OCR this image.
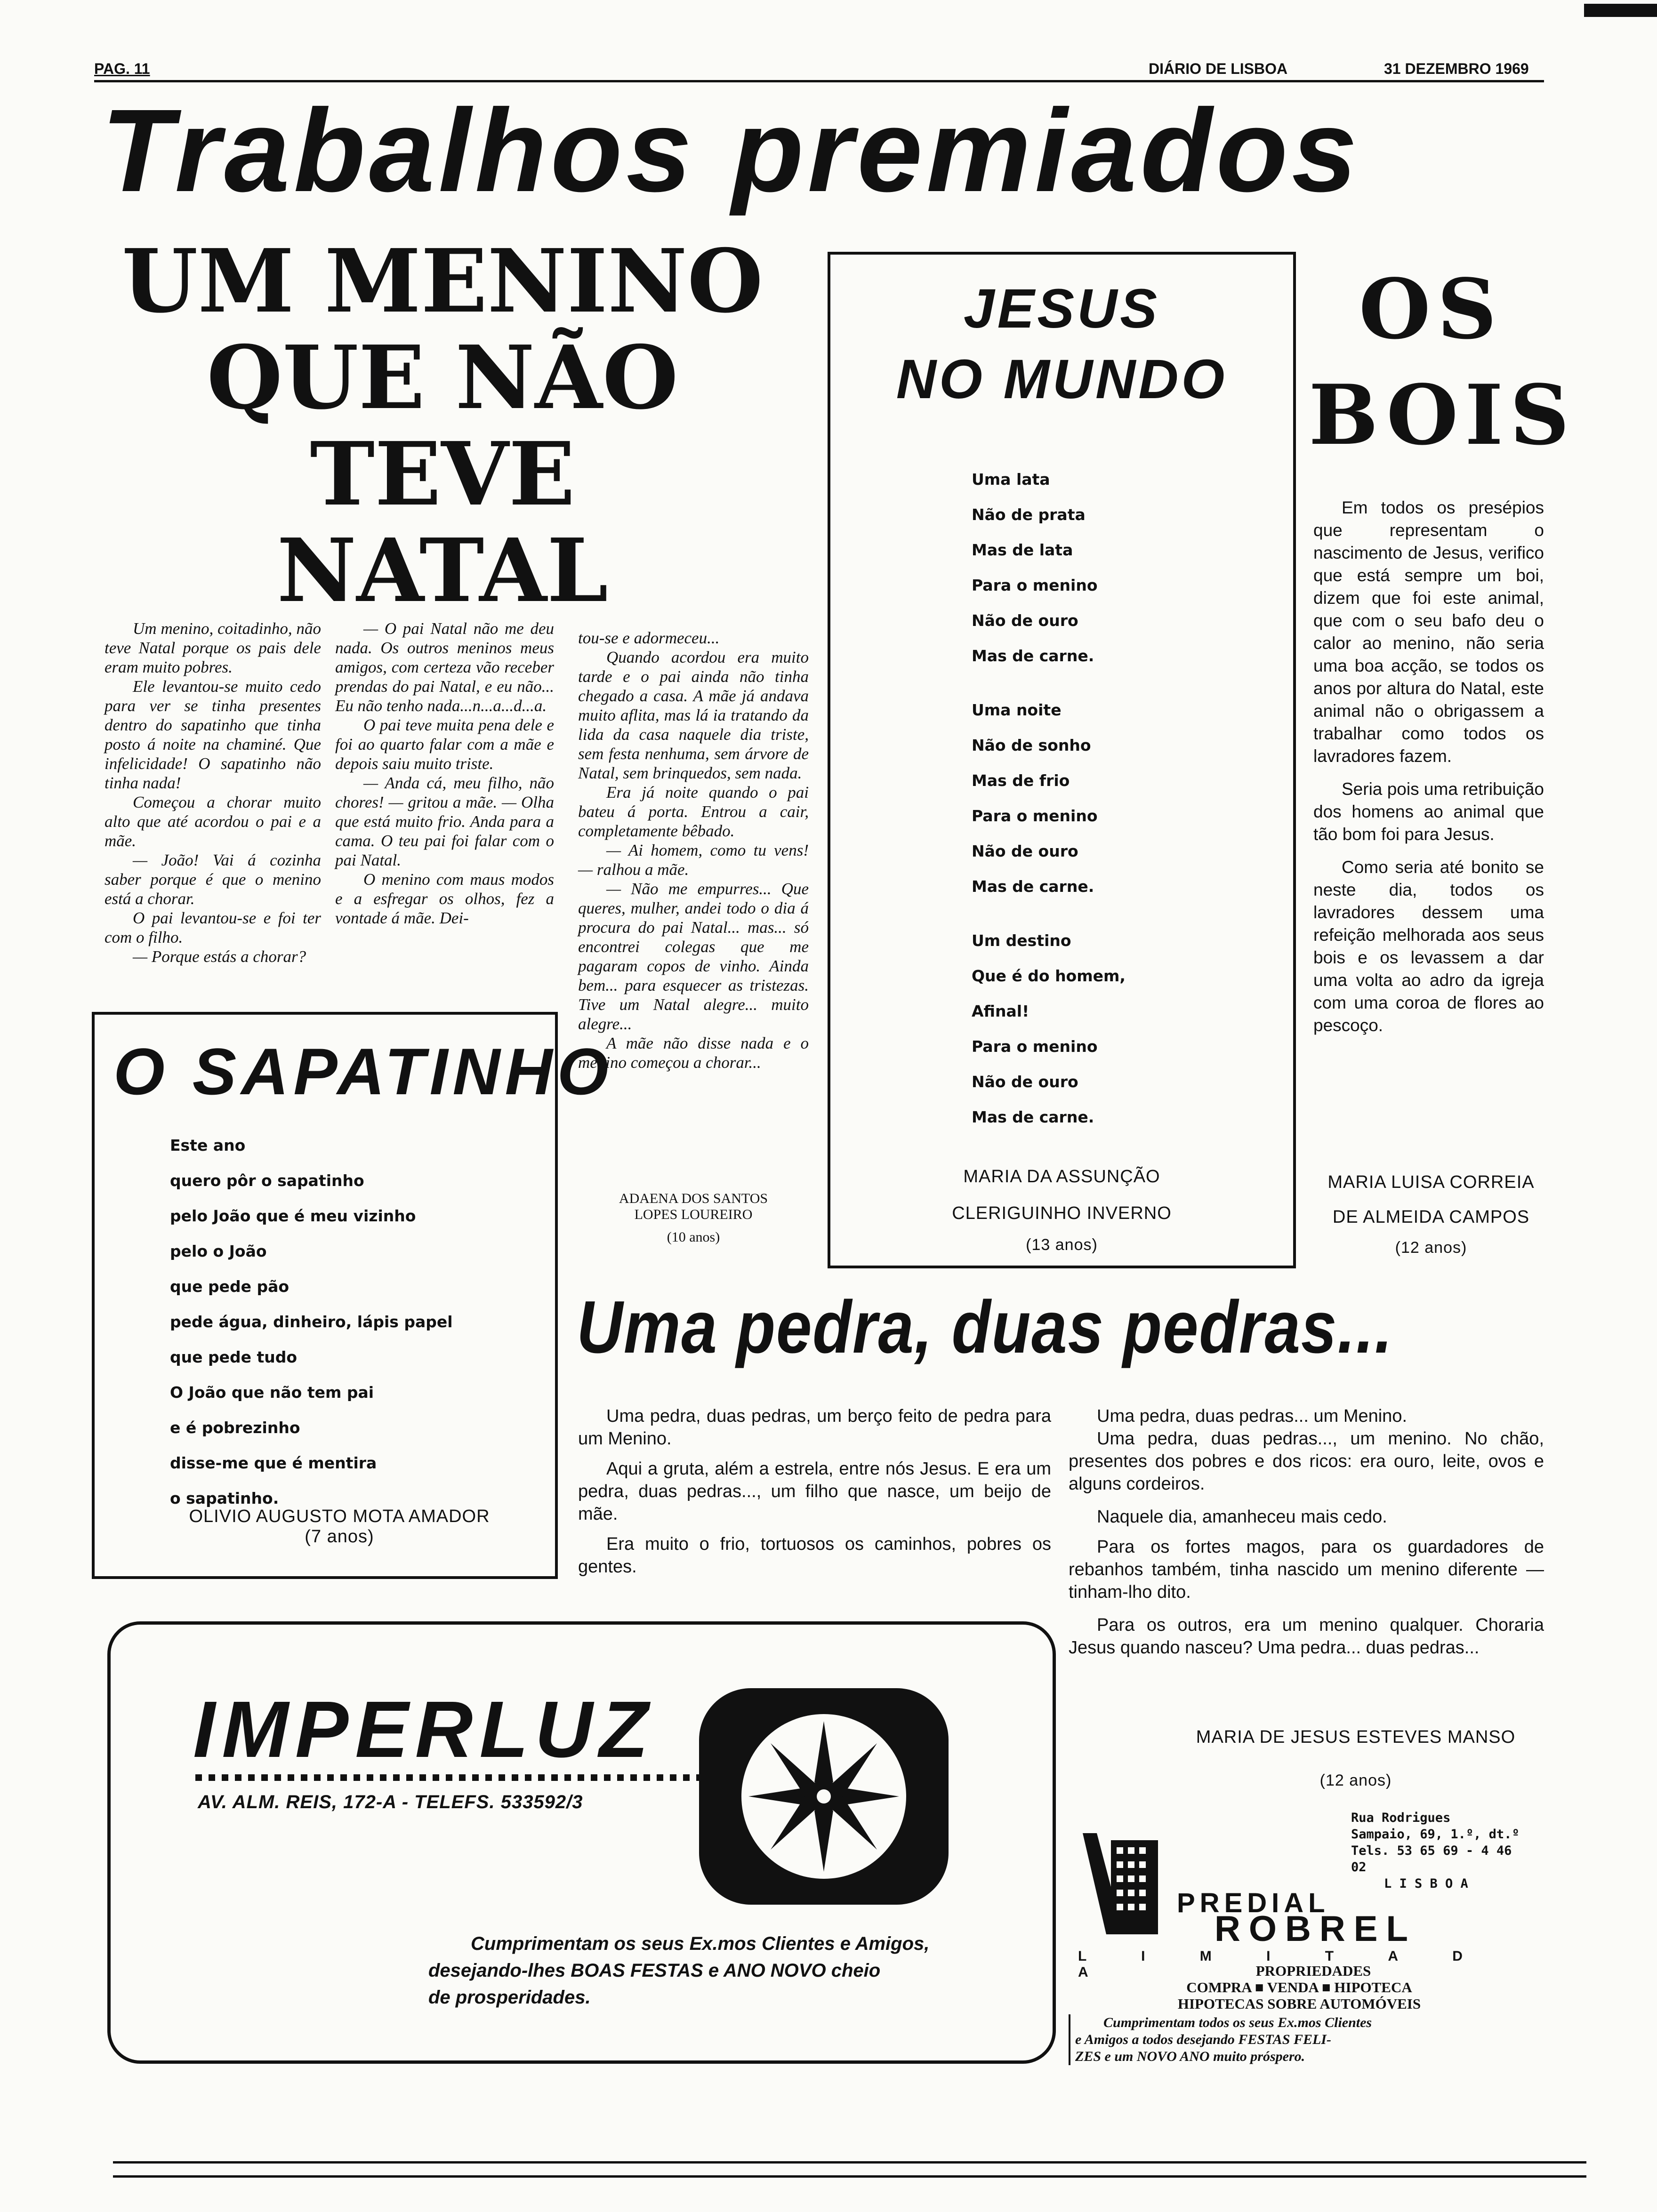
PAG. 11	DIÁRIO DE LISBOA	31 DEZEMBRO 1969
Trabalhos premiados
UM MENINO
QUE NÃO TEVE
NATAL

Um menino, coitadinho, não teve Natal porque os pais dele eram muito pobres.

Ele levantou-se muito cedo para ver se tinha presentes dentro do sapatinho que tinha posto á noite na chaminé. Que infelicidade! O sapatinho não tinha nada!

Começou a chorar muito alto que até acordou o pai e a mãe.

— João! Vai á cozinha saber porque é que o menino está a chorar.

O pai levantou-se e foi ter com o filho.

— Porque estás a chorar?

— O pai Natal não me deu nada. Os outros meninos meus amigos, com certeza vão receber prendas do pai Natal, e eu não... Eu não tenho nada...n...a...d...a.

O pai teve muita pena dele e foi ao quarto falar com a mãe e depois saiu muito triste.

— Anda cá, meu filho, não chores! — gritou a mãe. — Olha que está muito frio. Anda para a cama. O teu pai foi falar com o pai Natal.

O menino com maus modos e a esfregar os olhos, fez a vontade á mãe. Dei-

tou-se e adormeceu...

Quando acordou era muito tarde e o pai ainda não tinha chegado a casa. A mãe já andava muito aflita, mas lá ia tratando da lida da casa naquele dia triste, sem festa nenhuma, sem árvore de Natal, sem brinquedos, sem nada.

Era já noite quando o pai bateu á porta. Entrou a cair, completamente bêbado.

— Ai homem, como tu vens! — ralhou a mãe.

— Não me empurres... Que queres, mulher, andei todo o dia á procura do pai Natal... mas... só encontrei colegas que me pagaram copos de vinho. Ainda bem... para esquecer as tristezas. Tive um Natal alegre... muito alegre...

A mãe não disse nada e o menino começou a chorar...

ADAENA DOS SANTOS
LOPES LOUREIRO
(10 anos)
O SAPATINHO
Este ano
quero pôr o sapatinho
pelo João que é meu vizinho
pelo o João
que pede pão
pede água, dinheiro, lápis papel
que pede tudo
O João que não tem pai
e é pobrezinho
disse-me que é mentira
o sapatinho.
OLIVIO AUGUSTO MOTA AMADOR
(7 anos)
JESUS
NO MUNDO
Uma lata
Não de prata
Mas de lata
Para o menino
Não de ouro
Mas de carne.
Uma noite
Não de sonho
Mas de frio
Para o menino
Não de ouro
Mas de carne.
Um destino
Que é do homem,
Afinal!
Para o menino
Não de ouro
Mas de carne.
MARIA DA ASSUNÇÃO
CLERIGUINHO INVERNO
(13 anos)
OS
BOIS

Em todos os presépios que representam o nascimento de Jesus, verifico que está sempre um boi, dizem que foi este animal, que com o seu bafo deu o calor ao menino, não seria uma boa acção, se todos os anos por altura do Natal, este animal não o obrigassem a trabalhar como todos os lavradores fazem.

Seria pois uma retribuição dos homens ao animal que tão bom foi para Jesus.

Como seria até bonito se neste dia, todos os lavradores dessem uma refeição melhorada aos seus bois e os levassem a dar uma volta ao adro da igreja com uma coroa de flores ao pescoço.

MARIA LUISA CORREIA
DE ALMEIDA CAMPOS
(12 anos)
Uma pedra, duas pedras...

Uma pedra, duas pedras, um berço feito de pedra para um Menino.

Aqui a gruta, além a estrela, entre nós Jesus. E era um pedra, duas pedras..., um filho que nasce, um beijo de mãe.

Era muito o frio, tortuosos os caminhos, pobres os gentes.

Uma pedra, duas pedras... um Menino.

Uma pedra, duas pedras..., um menino. No chão, presentes dos pobres e dos ricos: era ouro, leite, ovos e alguns cordeiros.

Naquele dia, amanheceu mais cedo.

Para os fortes magos, para os guardadores de rebanhos também, tinha nascido um menino diferente — tinham-lho dito.

Para os outros, era um menino qualquer. Choraria Jesus quando nasceu? Uma pedra... duas pedras...

MARIA DE JESUS ESTEVES MANSO
(12 anos)
IMPERLUZ
AV. ALM. REIS, 172-A - TELEFS. 533592/3
Cumprimentam os seus Ex.mos Clientes e Amigos,
desejando-lhes BOAS FESTAS e ANO NOVO cheio
de prosperidades.
Rua Rodrigues
Sampaio, 69, 1.º, dt.º
Tels. 53 65 69 - 4 46 02
L I S B O A
PREDIAL
ROBREL
L I M I T A D A	PROPRIEDADES
COMPRA ■ VENDA ■ HIPOTECA
HIPOTECAS SOBRE AUTOMÓVEIS
Cumprimentam todos os seus Ex.mos Clientes
e Amigos a todos desejando FESTAS FELI-
ZES e um NOVO ANO muito próspero.
